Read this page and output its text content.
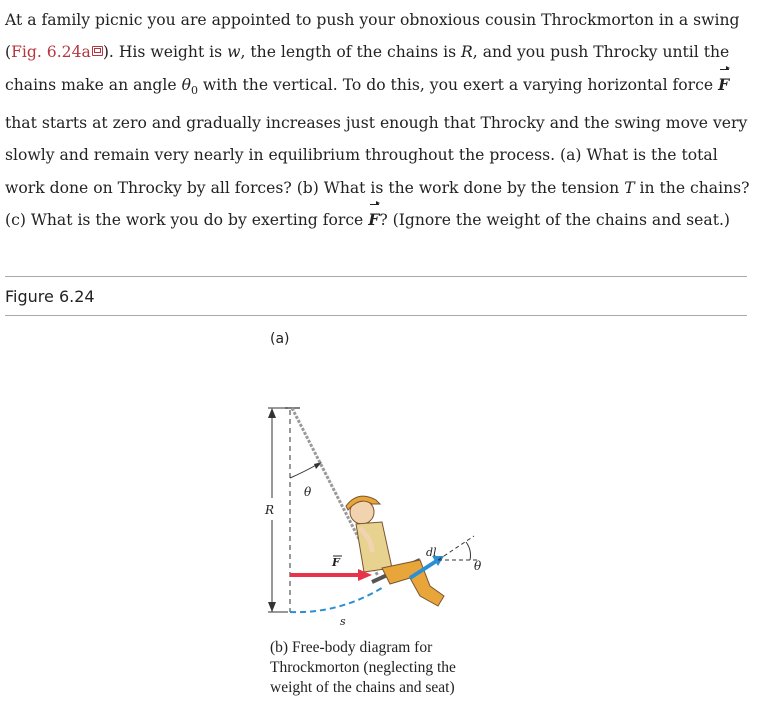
At a family picnic you are appointed to push your obnoxious cousin Throckmorton in a swing (Fig. 6.24a ). His weight is w, the length of the chains is R, and you push Throcky until the chains make an angle $\theta_0$ with the vertical. To do this, you exert a varying horizontal force F that starts at zero and gradually increases just enough that Throcky and the swing move very slowly and remain very nearly in equilibrium throughout the process. (a) What is the total work done on Throcky by all forces? (b) What is the work done by the tension T in the chains? (c) What is the work you do by exerting force F? (Ignore the weight of the chains and seat.)

Figure 6.24
(a)
R
θ
s
F
dl
θ
(b) Free-body diagram for Throckmorton (neglecting the weight of the chains and seat)
